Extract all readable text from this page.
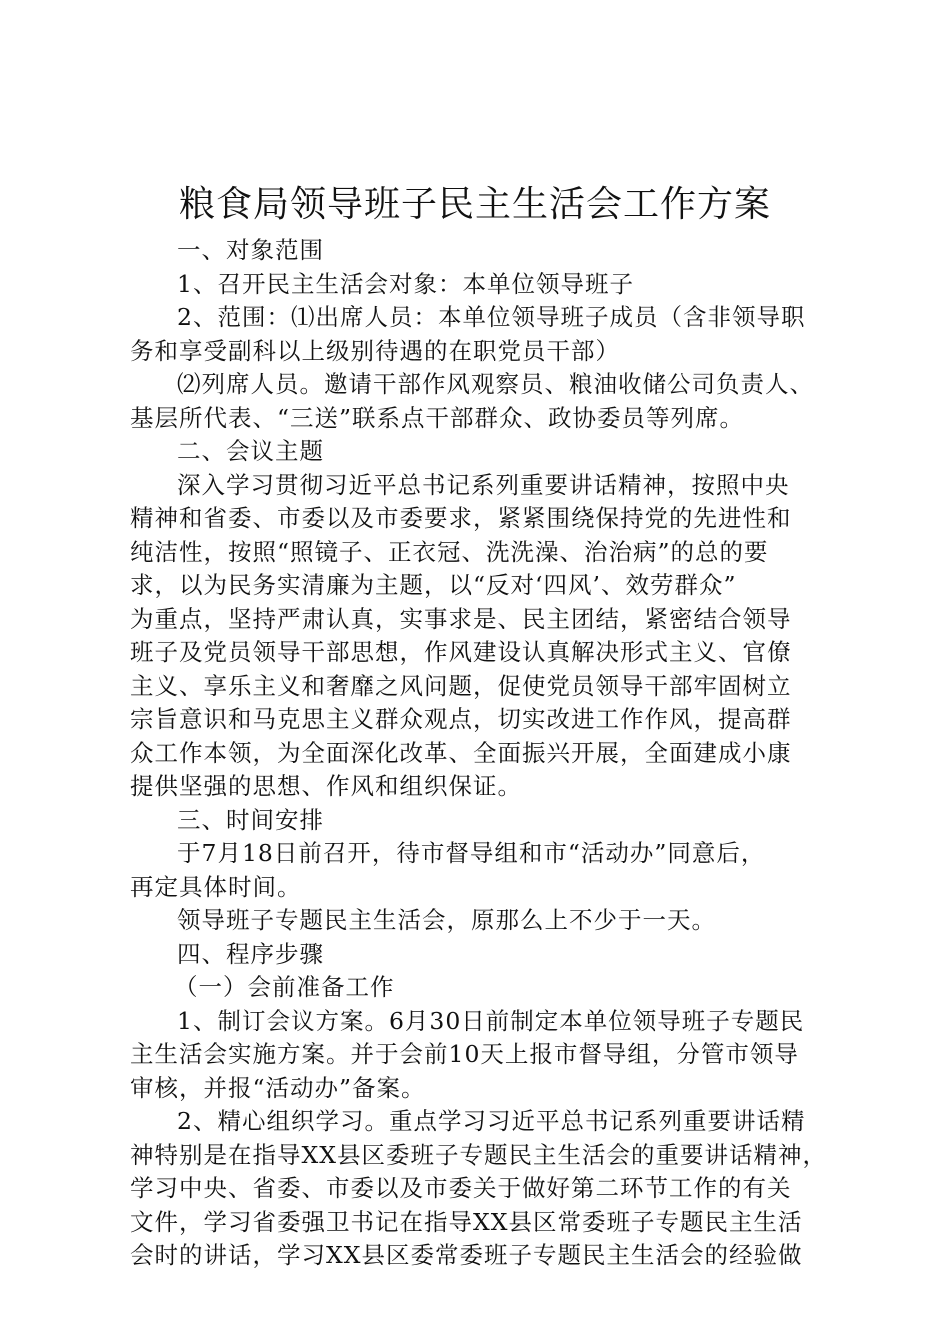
粮食局领导班子民主生活会工作方案
一、对象范围
1、召开民主生活会对象：本单位领导班子
2、范围：⑴出席人员：本单位领导班子成员（含非领导职
务和享受副科以上级别待遇的在职党员干部）
⑵列席人员。邀请干部作风观察员、粮油收储公司负责人、
基层所代表、“三送”联系点干部群众、政协委员等列席。
二、会议主题
深入学习贯彻习近平总书记系列重要讲话精神，按照中央
精神和省委、市委以及市委要求，紧紧围绕保持党的先进性和
纯洁性，按照“照镜子、正衣冠、洗洗澡、治治病”的总的要
求，以为民务实清廉为主题，以“反对‘四风’、效劳群众”
为重点，坚持严肃认真，实事求是、民主团结，紧密结合领导
班子及党员领导干部思想，作风建设认真解决形式主义、官僚
主义、享乐主义和奢靡之风问题，促使党员领导干部牢固树立
宗旨意识和马克思主义群众观点，切实改进工作作风，提高群
众工作本领，为全面深化改革、全面振兴开展，全面建成小康
提供坚强的思想、作风和组织保证。
三、时间安排
于7月18日前召开，待市督导组和市“活动办”同意后，
再定具体时间。
领导班子专题民主生活会，原那么上不少于一天。
四、程序步骤
（一）会前准备工作
1、制订会议方案。6月30日前制定本单位领导班子专题民
主生活会实施方案。并于会前10天上报市督导组，分管市领导
审核，并报“活动办”备案。
2、精心组织学习。重点学习习近平总书记系列重要讲话精
神特别是在指导XX县区委班子专题民主生活会的重要讲话精神，
学习中央、省委、市委以及市委关于做好第二环节工作的有关
文件，学习省委强卫书记在指导XX县区常委班子专题民主生活
会时的讲话，学习XX县区委常委班子专题民主生活会的经验做
